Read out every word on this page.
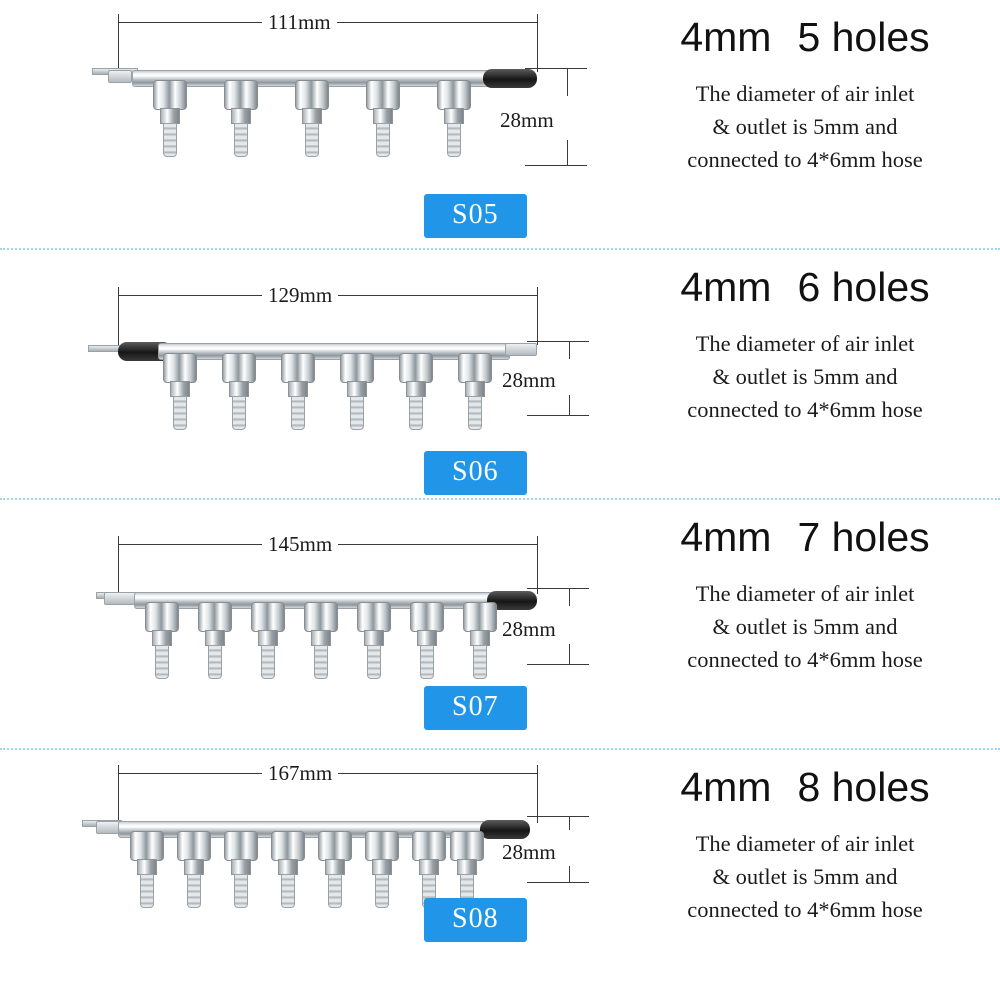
111mm
28mm
S05
4mm 5 holes
The diameter of air inlet
& outlet is 5mm and
connected to 4*6mm hose
129mm
28mm
S06
4mm 6 holes
The diameter of air inlet
& outlet is 5mm and
connected to 4*6mm hose
145mm
28mm
S07
4mm 7 holes
The diameter of air inlet
& outlet is 5mm and
connected to 4*6mm hose
167mm
28mm
S08
4mm 8 holes
The diameter of air inlet
& outlet is 5mm and
connected to 4*6mm hose
